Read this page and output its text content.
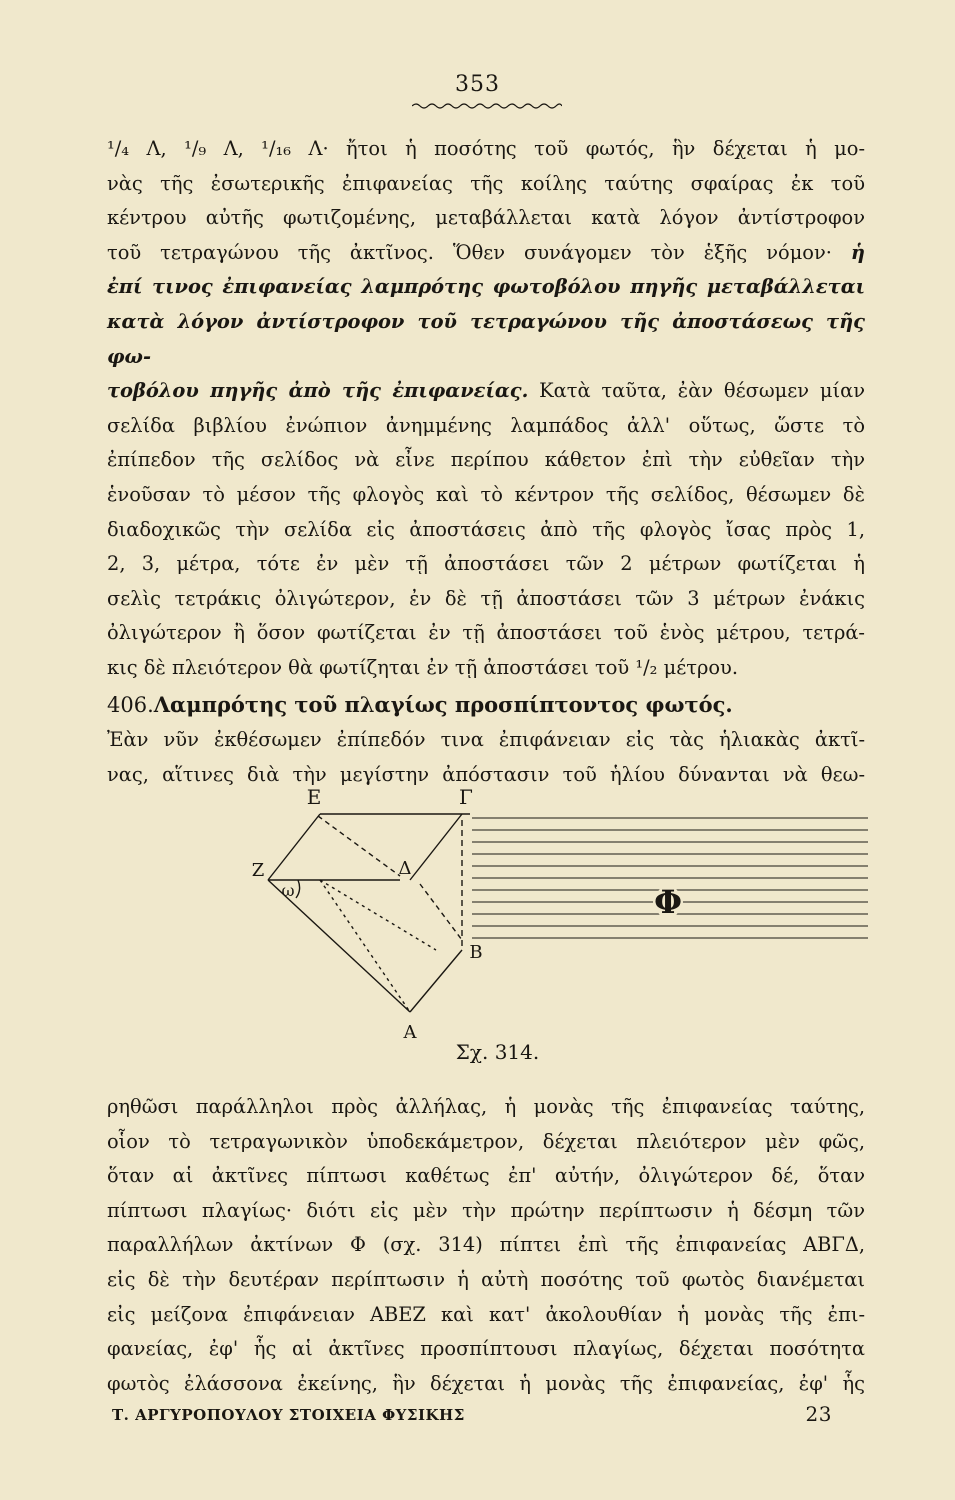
353

¹/₄ Λ, ¹/₉ Λ, ¹/₁₆ Λ· ἤτοι ἡ ποσότης τοῦ φωτός, ἣν δέχεται ἡ μο-

νὰς τῆς ἐσωτερικῆς ἐπιφανείας τῆς κοίλης ταύτης σφαίρας ἐκ τοῦ

κέντρου αὐτῆς φωτιζομένης, μεταβάλλεται κατὰ λόγον ἀντίστροφον

τοῦ τετραγώνου τῆς ἀκτῖνος. Ὅθεν συνάγομεν τὸν ἑξῆς νόμον· ἡ

ἐπί τινος ἐπιφανείας λαμπρότης φωτοβόλου πηγῆς μεταβάλλεται

κατὰ λόγον ἀντίστροφον τοῦ τετραγώνου τῆς ἀποστάσεως τῆς φω-

τοβόλου πηγῆς ἀπὸ τῆς ἐπιφανείας. Κατὰ ταῦτα, ἐὰν θέσωμεν μίαν

σελίδα βιβλίου ἐνώπιον ἀνημμένης λαμπάδος ἀλλ' οὕτως, ὥστε τὸ

ἐπίπεδον τῆς σελίδος νὰ εἶνε περίπου κάθετον ἐπὶ τὴν εὐθεῖαν τὴν

ἑνοῦσαν τὸ μέσον τῆς φλογὸς καὶ τὸ κέντρον τῆς σελίδος, θέσωμεν δὲ

διαδοχικῶς τὴν σελίδα εἰς ἀποστάσεις ἀπὸ τῆς φλογὸς ἴσας πρὸς 1,

2, 3, μέτρα, τότε ἐν μὲν τῇ ἀποστάσει τῶν 2 μέτρων φωτίζεται ἡ

σελὶς τετράκις ὀλιγώτερον, ἐν δὲ τῇ ἀποστάσει τῶν 3 μέτρων ἐνάκις

ὀλιγώτερον ἢ ὅσον φωτίζεται ἐν τῇ ἀποστάσει τοῦ ἑνὸς μέτρου, τετρά-

κις δὲ πλειότερον θὰ φωτίζηται ἐν τῇ ἀποστάσει τοῦ ¹/₂ μέτρου.

406.Λαμπρότης τοῦ πλαγίως προσπίπτοντος φωτός.

Ἐὰν νῦν ἐκθέσωμεν ἐπίπεδόν τινα ἐπιφάνειαν εἰς τὰς ἡλιακὰς ἀκτῖ-

νας, αἵτινες διὰ τὴν μεγίστην ἀπόστασιν τοῦ ἡλίου δύνανται νὰ θεω-

Φ
Ε	Γ
Ζ	Δ
ω
Β
Α
Σχ. 314.

ρηθῶσι παράλληλοι πρὸς ἀλλήλας, ἡ μονὰς τῆς ἐπιφανείας ταύτης,

οἷον τὸ τετραγωνικὸν ὑποδεκάμετρον, δέχεται πλειότερον μὲν φῶς,

ὅταν αἱ ἀκτῖνες πίπτωσι καθέτως ἐπ' αὐτήν, ὀλιγώτερον δέ, ὅταν

πίπτωσι πλαγίως· διότι εἰς μὲν τὴν πρώτην περίπτωσιν ἡ δέσμη τῶν

παραλλήλων ἀκτίνων Φ (σχ. 314) πίπτει ἐπὶ τῆς ἐπιφανείας ΑΒΓΔ,

εἰς δὲ τὴν δευτέραν περίπτωσιν ἡ αὐτὴ ποσότης τοῦ φωτὸς διανέμεται

εἰς μείζονα ἐπιφάνειαν ΑΒΕΖ καὶ κατ' ἀκολουθίαν ἡ μονὰς τῆς ἐπι-

φανείας, ἐφ' ἧς αἱ ἀκτῖνες προσπίπτουσι πλαγίως, δέχεται ποσότητα

φωτὸς ἐλάσσονα ἐκείνης, ἣν δέχεται ἡ μονὰς τῆς ἐπιφανείας, ἐφ' ἧς

Τ. ΑΡΓΥΡΟΠΟΥΛΟΥ ΣΤΟΙΧΕΙΑ ΦΥΣΙΚΗΣ	23
